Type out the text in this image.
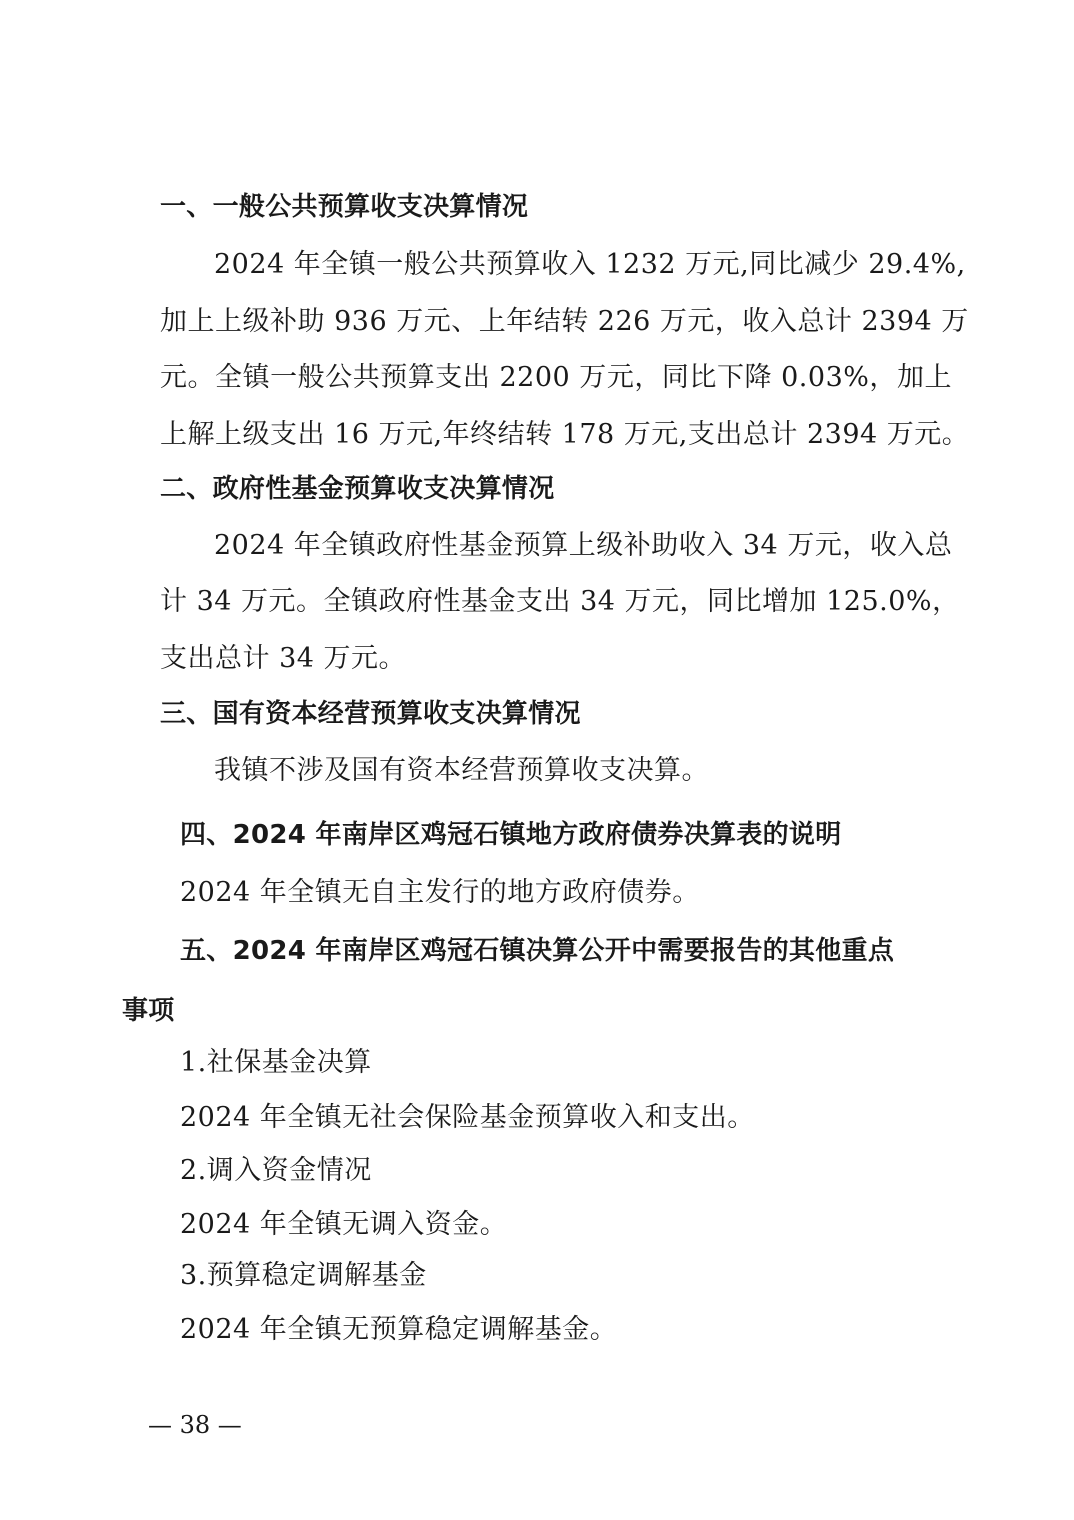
一、一般公共预算收支决算情况
2024 年全镇一般公共预算收入 1232 万元,同比减少 29.4%,
加上上级补助 936 万元、上年结转 226 万元，收入总计 2394 万
元。全镇一般公共预算支出 2200 万元，同比下降 0.03%，加上
上解上级支出 16 万元,年终结转 178 万元,支出总计 2394 万元。
二、政府性基金预算收支决算情况
2024 年全镇政府性基金预算上级补助收入 34 万元，收入总
计 34 万元。全镇政府性基金支出 34 万元，同比增加 125.0%，
支出总计 34 万元。
三、国有资本经营预算收支决算情况
我镇不涉及国有资本经营预算收支决算。
四、2024 年南岸区鸡冠石镇地方政府债券决算表的说明
2024 年全镇无自主发行的地方政府债券。
五、2024 年南岸区鸡冠石镇决算公开中需要报告的其他重点
事项
1.社保基金决算
2024 年全镇无社会保险基金预算收入和支出。
2.调入资金情况
2024 年全镇无调入资金。
3.预算稳定调解基金
2024 年全镇无预算稳定调解基金。
— 38 —
